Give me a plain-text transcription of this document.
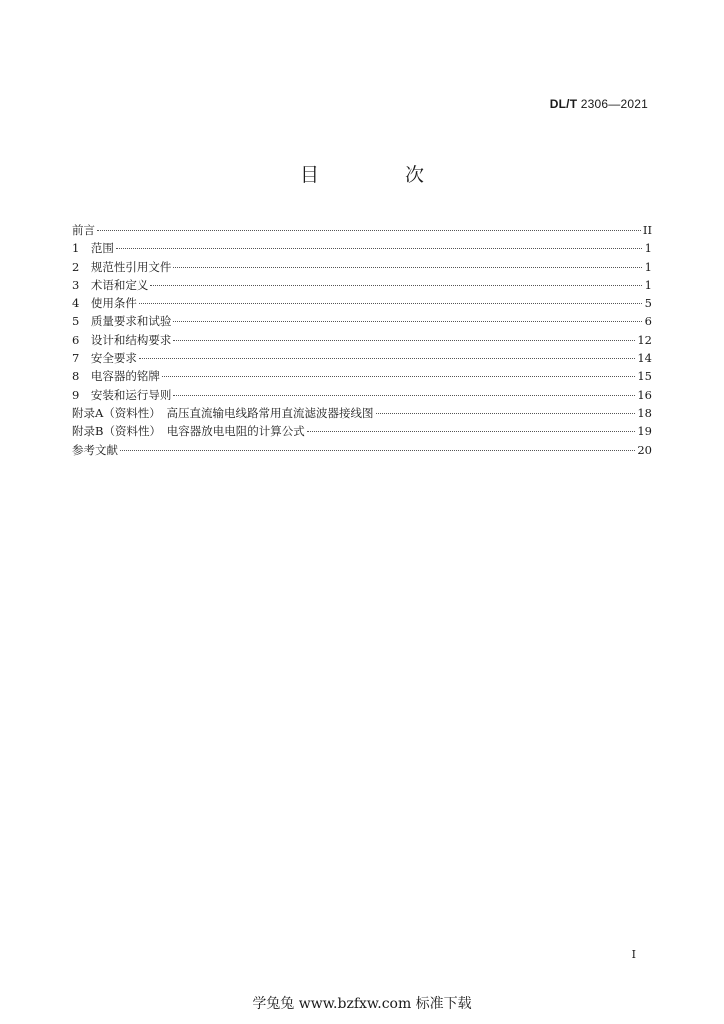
DL/T 2306—2021
目 次
前言	II
1　范围	1
2　规范性引用文件	1
3　术语和定义	1
4　使用条件	5
5　质量要求和试验	6
6　设计和结构要求	12
7　安全要求	14
8　电容器的铭牌	15
9　安装和运行导则	16
附录A（资料性）　高压直流输电线路常用直流滤波器接线图	18
附录B（资料性）　电容器放电电阻的计算公式	19
参考文献	20
I
学兔兔 www.bzfxw.com 标准下载
